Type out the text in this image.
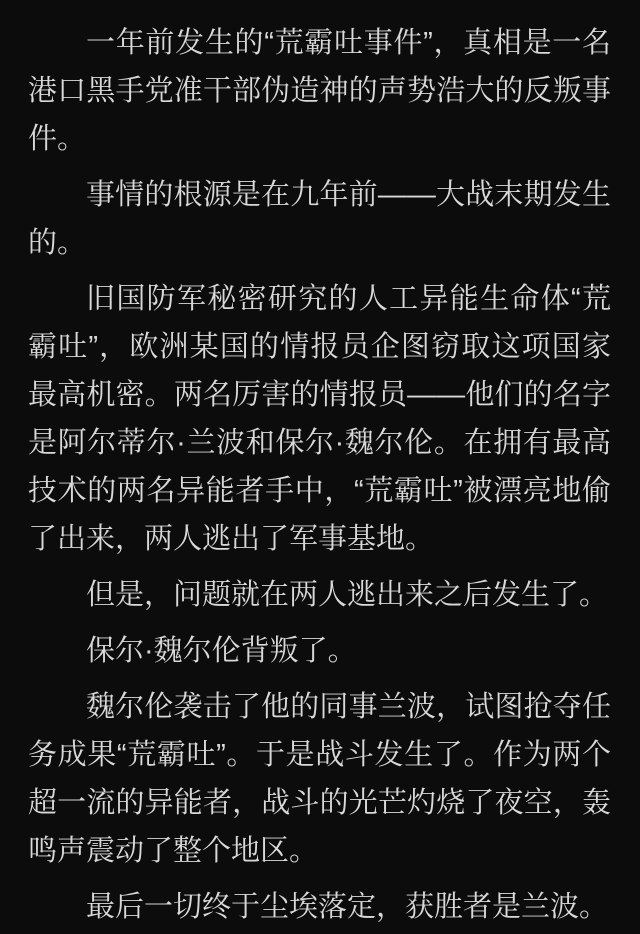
一年前发生的“荒霸吐事件”，真相是一名港口黑手党准干部伪造神的声势浩大的反叛事件。

事情的根源是在九年前——大战末期发生的。

旧国防军秘密研究的人工异能生命体“荒霸吐”，欧洲某国的情报员企图窃取这项国家最高机密。两名厉害的情报员——他们的名字是阿尔蒂尔·兰波和保尔·魏尔伦。在拥有最高技术的两名异能者手中，“荒霸吐”被漂亮地偷了出来，两人逃出了军事基地。

但是，问题就在两人逃出来之后发生了。

保尔·魏尔伦背叛了。

魏尔伦袭击了他的同事兰波，试图抢夺任务成果“荒霸吐”。于是战斗发生了。作为两个超一流的异能者，战斗的光芒灼烧了夜空，轰鸣声震动了整个地区。

最后一切终于尘埃落定，获胜者是兰波。
